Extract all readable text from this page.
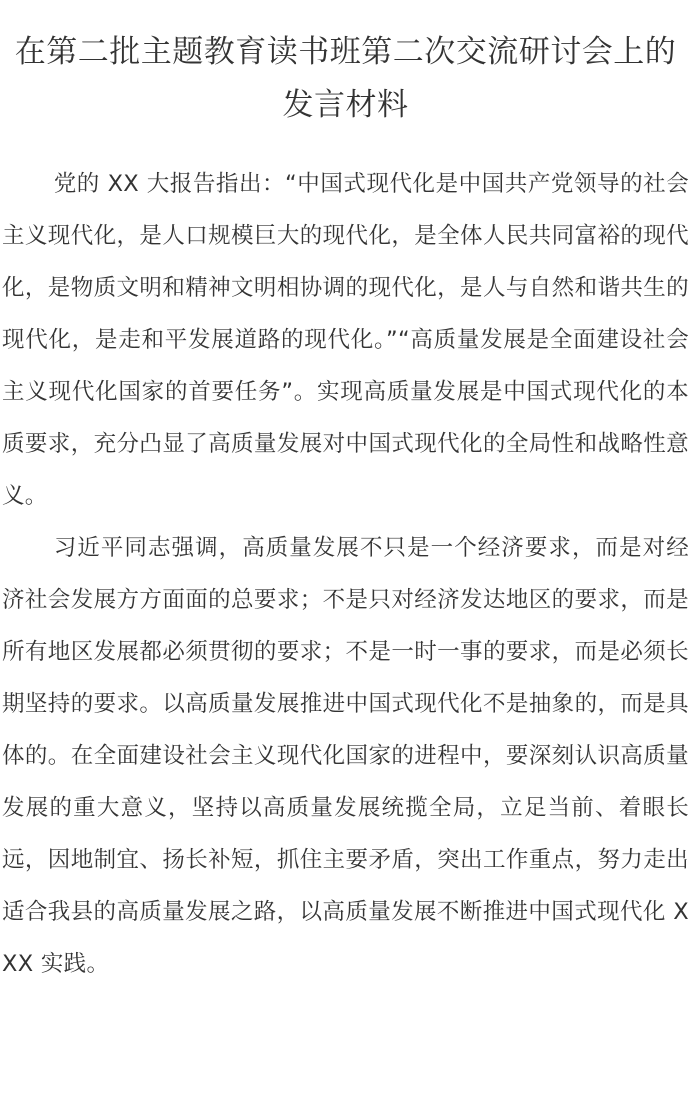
在第二批主题教育读书班第二次交流研讨会上的发言材料

党的 XX 大报告指出：“中国式现代化是中国共产党领导的社会主义现代化，是人口规模巨大的现代化，是全体人民共同富裕的现代化，是物质文明和精神文明相协调的现代化，是人与自然和谐共生的现代化，是走和平发展道路的现代化。”“高质量发展是全面建设社会主义现代化国家的首要任务”。实现高质量发展是中国式现代化的本质要求，充分凸显了高质量发展对中国式现代化的全局性和战略性意义。

习近平同志强调，高质量发展不只是一个经济要求，而是对经济社会发展方方面面的总要求；不是只对经济发达地区的要求，而是所有地区发展都必须贯彻的要求；不是一时一事的要求，而是必须长期坚持的要求。以高质量发展推进中国式现代化不是抽象的，而是具体的。在全面建设社会主义现代化国家的进程中，要深刻认识高质量发展的重大意义，坚持以高质量发展统揽全局，立足当前、着眼长远，因地制宜、扬长补短，抓住主要矛盾，突出工作重点，努力走出适合我县的高质量发展之路，以高质量发展不断推进中国式现代化 XXX 实践。
